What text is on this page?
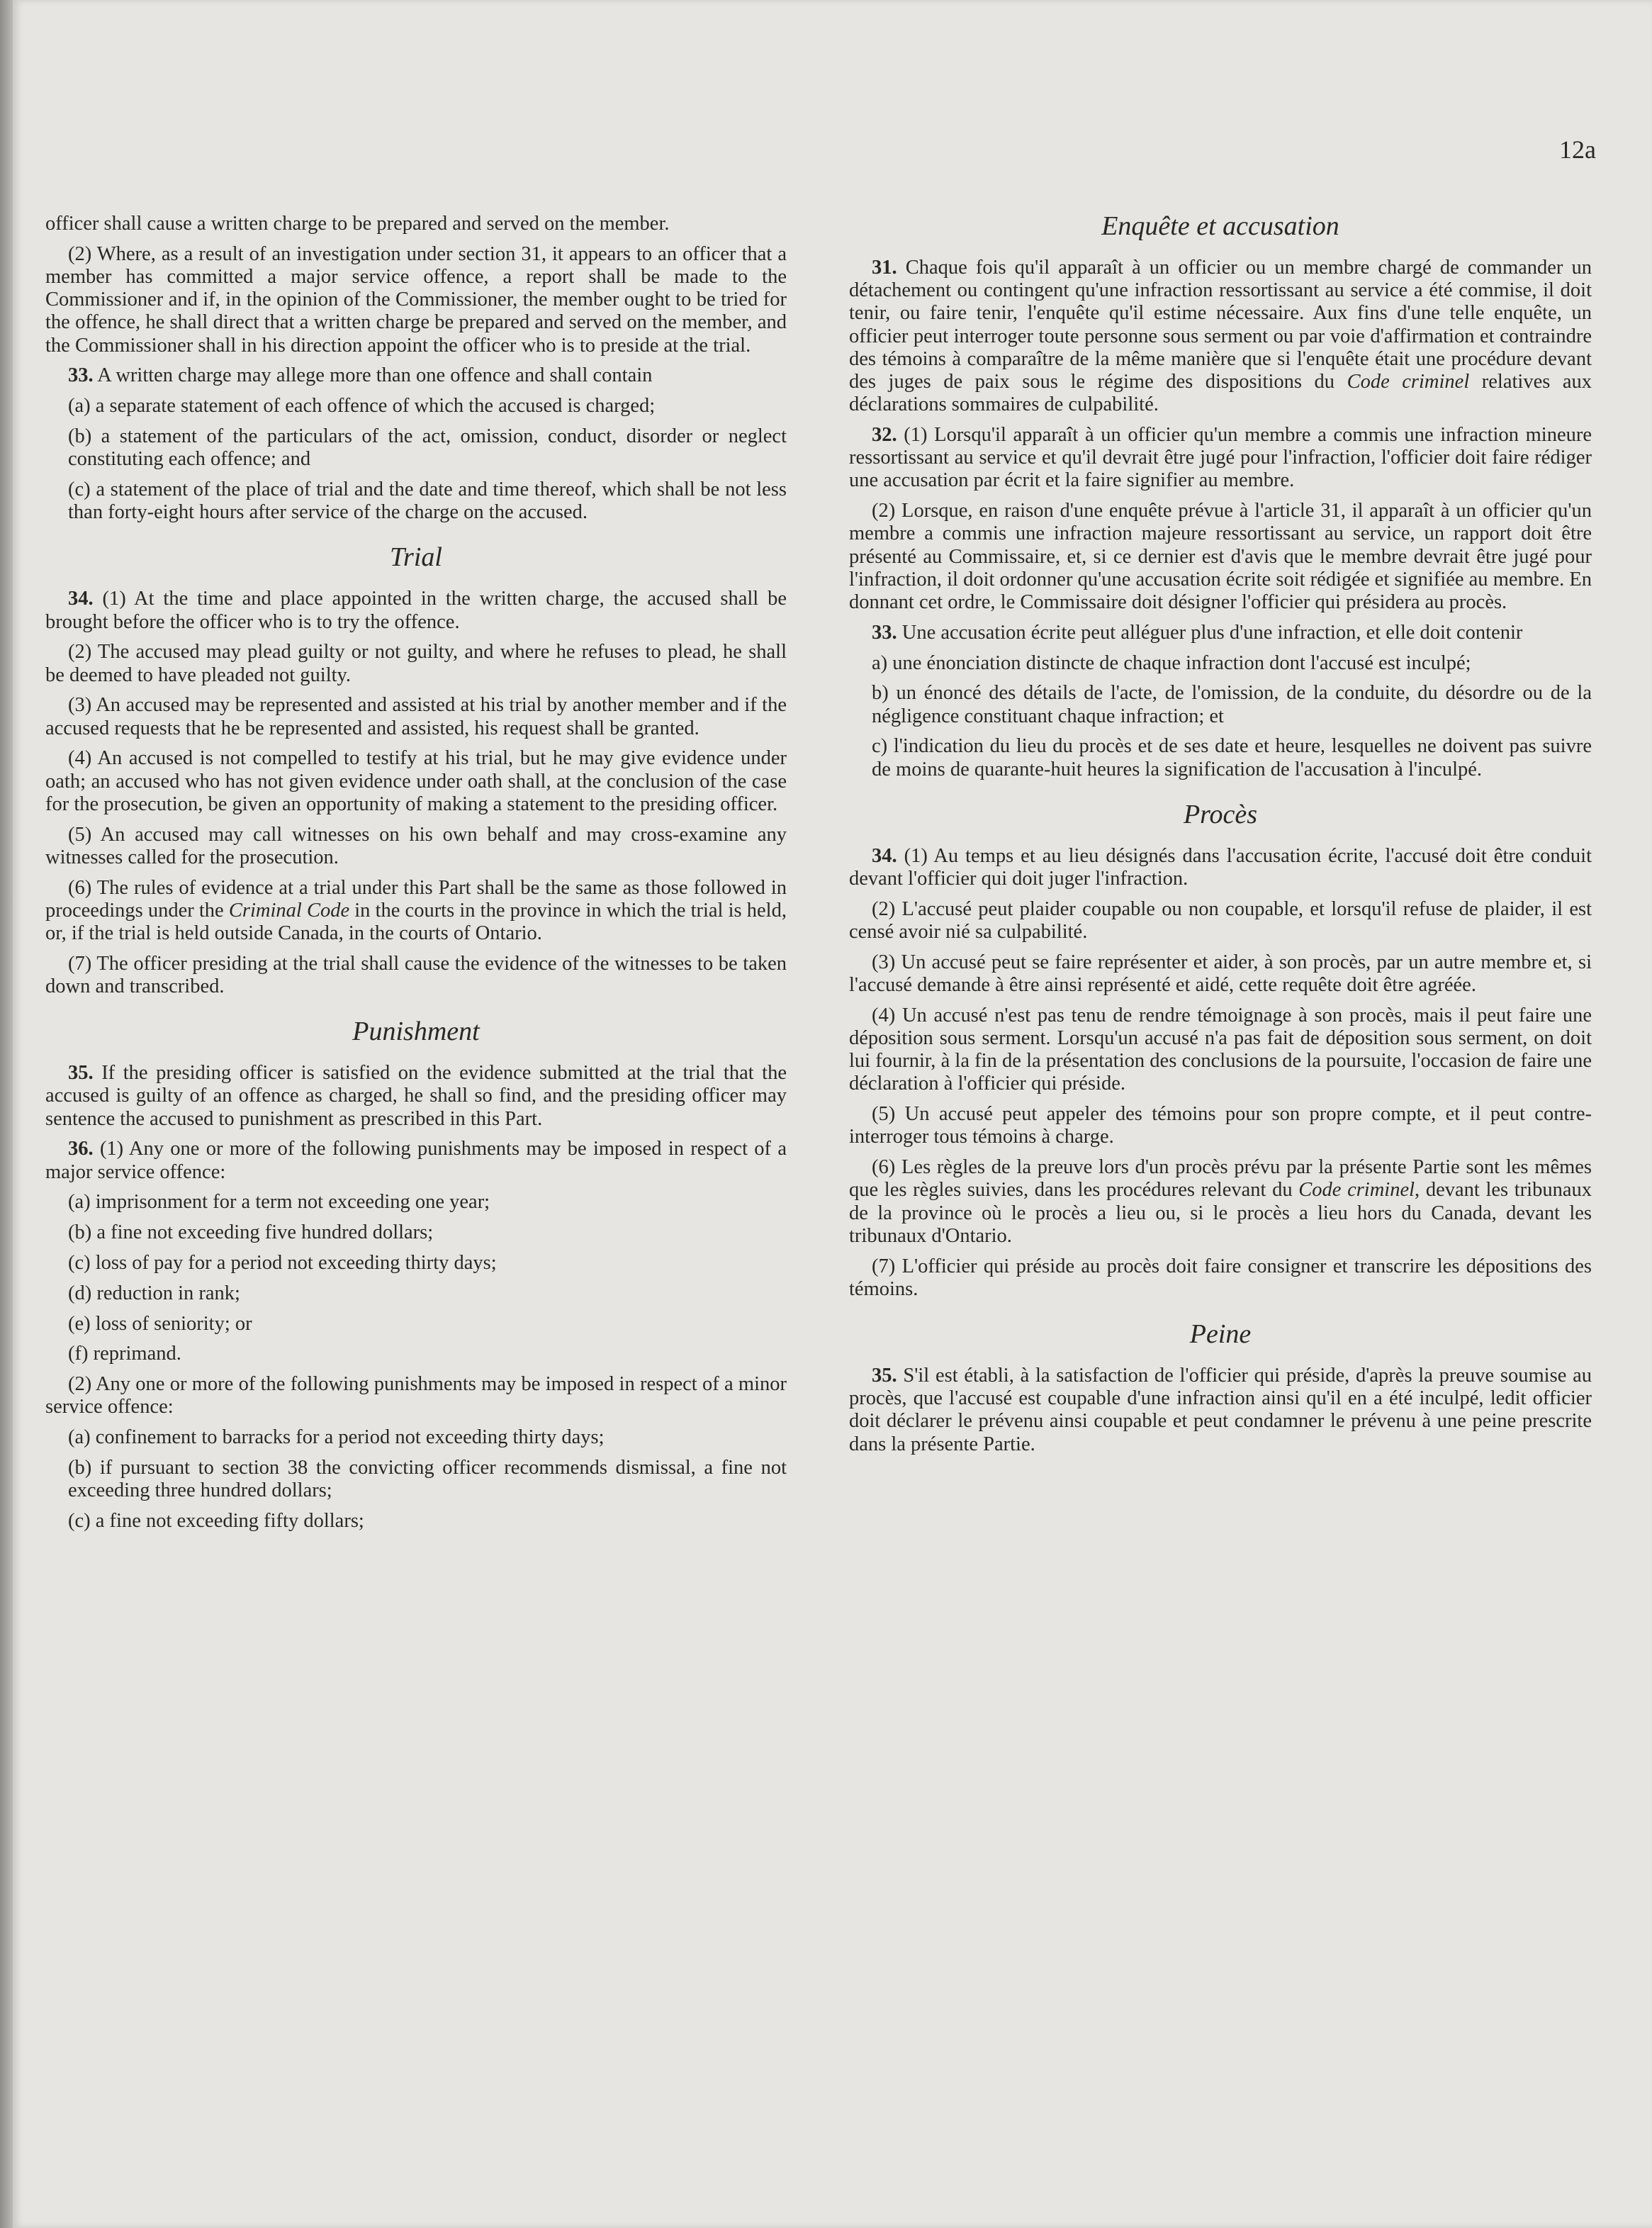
12a

officer shall cause a written charge to be prepared and served on the member.

(2) Where, as a result of an investigation under section 31, it appears to an officer that a member has committed a major service offence, a report shall be made to the Commissioner and if, in the opinion of the Commissioner, the member ought to be tried for the offence, he shall direct that a written charge be prepared and served on the member, and the Commissioner shall in his direction appoint the officer who is to preside at the trial.

33. A written charge may allege more than one offence and shall contain

(a) a separate statement of each offence of which the accused is charged;

(b) a statement of the particulars of the act, omission, conduct, disorder or neglect constituting each offence; and

(c) a statement of the place of trial and the date and time thereof, which shall be not less than forty-eight hours after service of the charge on the accused.

Trial

34. (1) At the time and place appointed in the written charge, the accused shall be brought before the officer who is to try the offence.

(2) The accused may plead guilty or not guilty, and where he refuses to plead, he shall be deemed to have pleaded not guilty.

(3) An accused may be represented and assisted at his trial by another member and if the accused requests that he be represented and assisted, his request shall be granted.

(4) An accused is not compelled to testify at his trial, but he may give evidence under oath; an accused who has not given evidence under oath shall, at the conclusion of the case for the prosecution, be given an opportunity of making a statement to the presiding officer.

(5) An accused may call witnesses on his own behalf and may cross-examine any witnesses called for the prosecution.

(6) The rules of evidence at a trial under this Part shall be the same as those followed in proceedings under the Criminal Code in the courts in the province in which the trial is held, or, if the trial is held outside Canada, in the courts of Ontario.

(7) The officer presiding at the trial shall cause the evidence of the witnesses to be taken down and transcribed.

Punishment

35. If the presiding officer is satisfied on the evidence submitted at the trial that the accused is guilty of an offence as charged, he shall so find, and the presiding officer may sentence the accused to punishment as prescribed in this Part.

36. (1) Any one or more of the following punishments may be imposed in respect of a major service offence:

(a) imprisonment for a term not exceeding one year;

(b) a fine not exceeding five hundred dollars;

(c) loss of pay for a period not exceeding thirty days;

(d) reduction in rank;

(e) loss of seniority; or

(f) reprimand.

(2) Any one or more of the following punishments may be imposed in respect of a minor service offence:

(a) confinement to barracks for a period not exceeding thirty days;

(b) if pursuant to section 38 the convicting officer recommends dismissal, a fine not exceeding three hundred dollars;

(c) a fine not exceeding fifty dollars;

Enquête et accusation

31. Chaque fois qu'il apparaît à un officier ou un membre chargé de commander un détachement ou contingent qu'une infraction ressortissant au service a été commise, il doit tenir, ou faire tenir, l'enquête qu'il estime nécessaire. Aux fins d'une telle enquête, un officier peut interroger toute personne sous serment ou par voie d'affirmation et contraindre des témoins à comparaître de la même manière que si l'enquête était une procédure devant des juges de paix sous le régime des dispositions du Code criminel relatives aux déclarations sommaires de culpabilité.

32. (1) Lorsqu'il apparaît à un officier qu'un membre a commis une infraction mineure ressortissant au service et qu'il devrait être jugé pour l'infraction, l'officier doit faire rédiger une accusation par écrit et la faire signifier au membre.

(2) Lorsque, en raison d'une enquête prévue à l'article 31, il apparaît à un officier qu'un membre a commis une infraction majeure ressortissant au service, un rapport doit être présenté au Commissaire, et, si ce dernier est d'avis que le membre devrait être jugé pour l'infraction, il doit ordonner qu'une accusation écrite soit rédigée et signifiée au membre. En donnant cet ordre, le Commissaire doit désigner l'officier qui présidera au procès.

33. Une accusation écrite peut alléguer plus d'une infraction, et elle doit contenir

a) une énonciation distincte de chaque infraction dont l'accusé est inculpé;

b) un énoncé des détails de l'acte, de l'omission, de la conduite, du désordre ou de la négligence constituant chaque infraction; et

c) l'indication du lieu du procès et de ses date et heure, lesquelles ne doivent pas suivre de moins de quarante-huit heures la signification de l'accusation à l'inculpé.

Procès

34. (1) Au temps et au lieu désignés dans l'accusation écrite, l'accusé doit être conduit devant l'officier qui doit juger l'infraction.

(2) L'accusé peut plaider coupable ou non coupable, et lorsqu'il refuse de plaider, il est censé avoir nié sa culpabilité.

(3) Un accusé peut se faire représenter et aider, à son procès, par un autre membre et, si l'accusé demande à être ainsi représenté et aidé, cette requête doit être agréée.

(4) Un accusé n'est pas tenu de rendre témoignage à son procès, mais il peut faire une déposition sous serment. Lorsqu'un accusé n'a pas fait de déposition sous serment, on doit lui fournir, à la fin de la présentation des conclusions de la poursuite, l'occasion de faire une déclaration à l'officier qui préside.

(5) Un accusé peut appeler des témoins pour son propre compte, et il peut contre-interroger tous témoins à charge.

(6) Les règles de la preuve lors d'un procès prévu par la présente Partie sont les mêmes que les règles suivies, dans les procédures relevant du Code criminel, devant les tribunaux de la province où le procès a lieu ou, si le procès a lieu hors du Canada, devant les tribunaux d'Ontario.

(7) L'officier qui préside au procès doit faire consigner et transcrire les dépositions des témoins.

Peine

35. S'il est établi, à la satisfaction de l'officier qui préside, d'après la preuve soumise au procès, que l'accusé est coupable d'une infraction ainsi qu'il en a été inculpé, ledit officier doit déclarer le prévenu ainsi coupable et peut condamner le prévenu à une peine prescrite dans la présente Partie.
